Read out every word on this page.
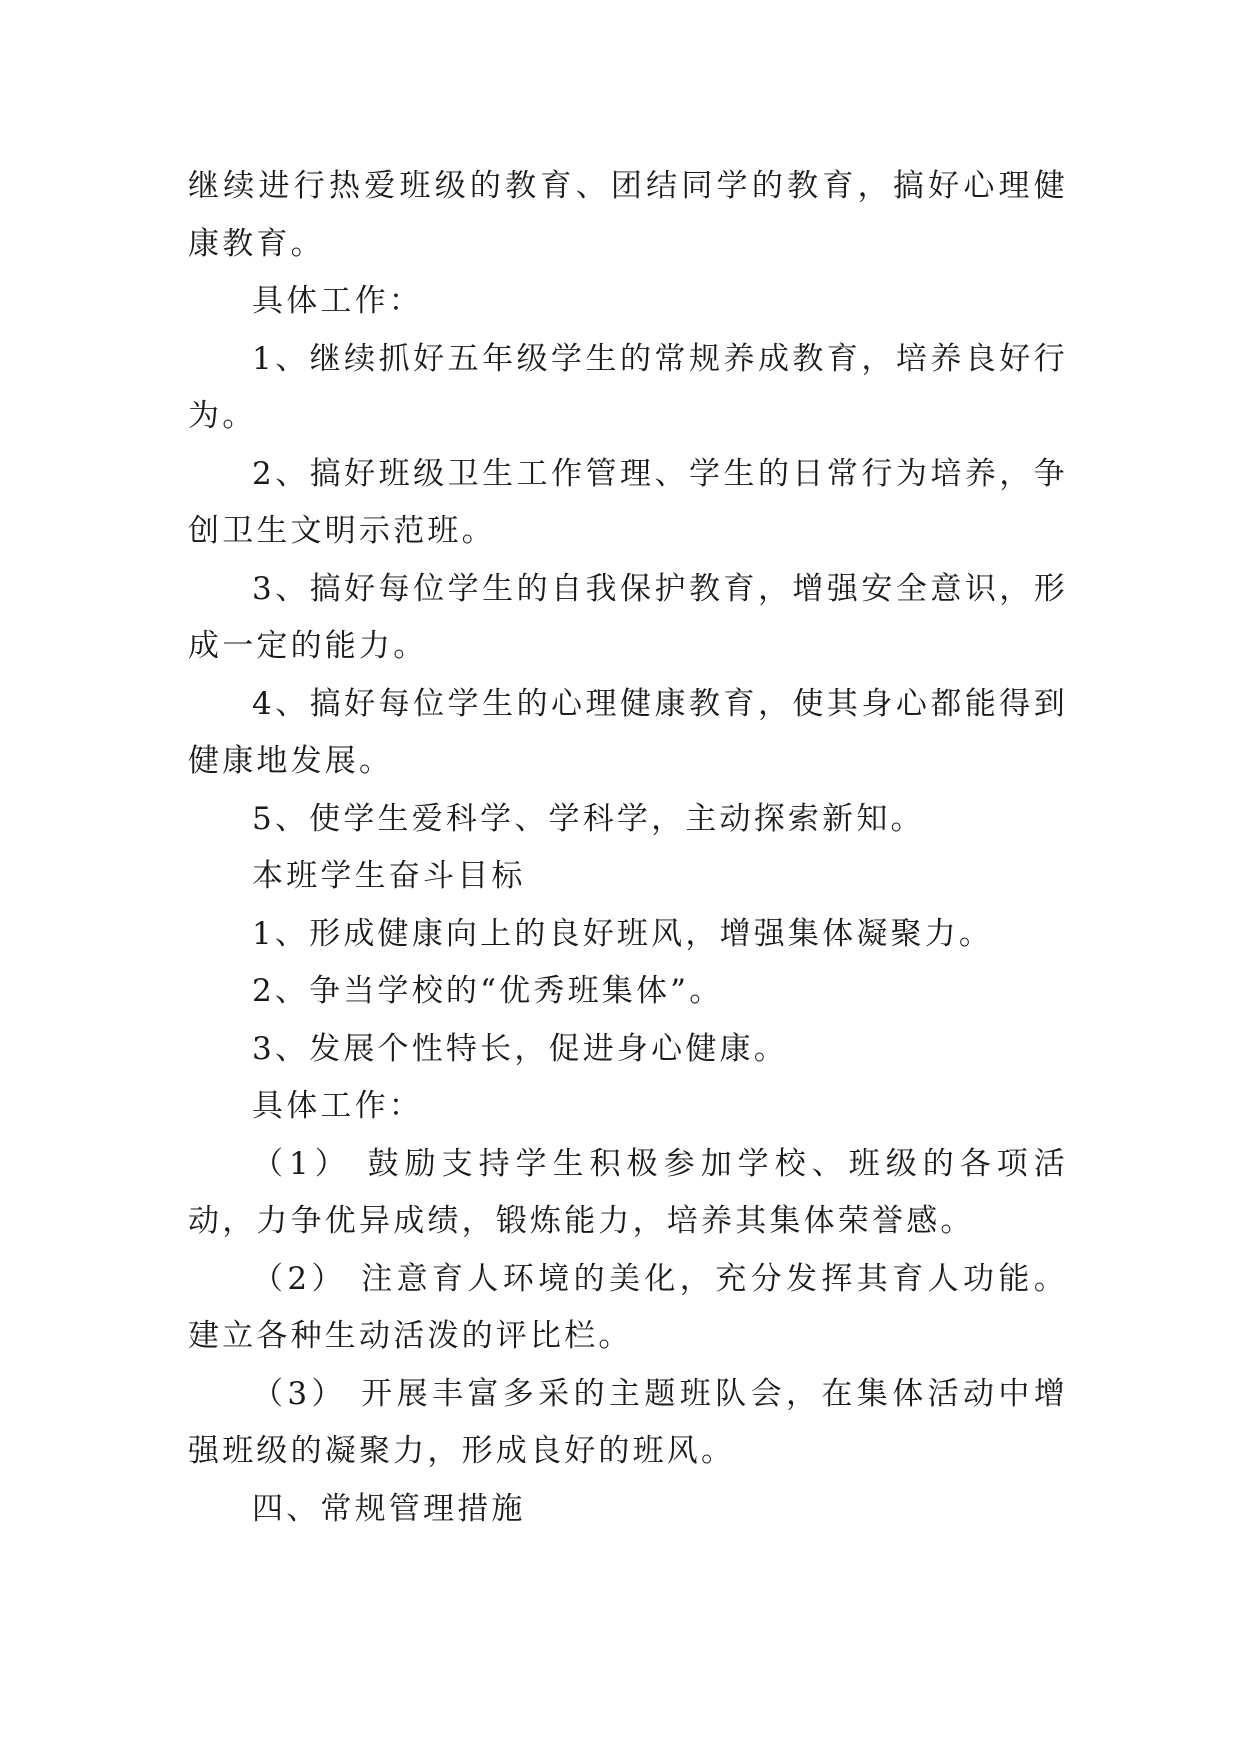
继续进行热爱班级的教育、团结同学的教育，搞好心理健康教育。

具体工作：

1、继续抓好五年级学生的常规养成教育，培养良好行为。

2、搞好班级卫生工作管理、学生的日常行为培养，争创卫生文明示范班。

3、搞好每位学生的自我保护教育，增强安全意识，形成一定的能力。

4、搞好每位学生的心理健康教育，使其身心都能得到健康地发展。

5、使学生爱科学、学科学，主动探索新知。

本班学生奋斗目标

1、形成健康向上的良好班风，增强集体凝聚力。

2、争当学校的“优秀班集体”。

3、发展个性特长，促进身心健康。

具体工作：

（1） 鼓励支持学生积极参加学校、班级的各项活动，力争优异成绩，锻炼能力，培养其集体荣誉感。

（2） 注意育人环境的美化，充分发挥其育人功能。建立各种生动活泼的评比栏。

（3） 开展丰富多采的主题班队会，在集体活动中增强班级的凝聚力，形成良好的班风。

四、常规管理措施
